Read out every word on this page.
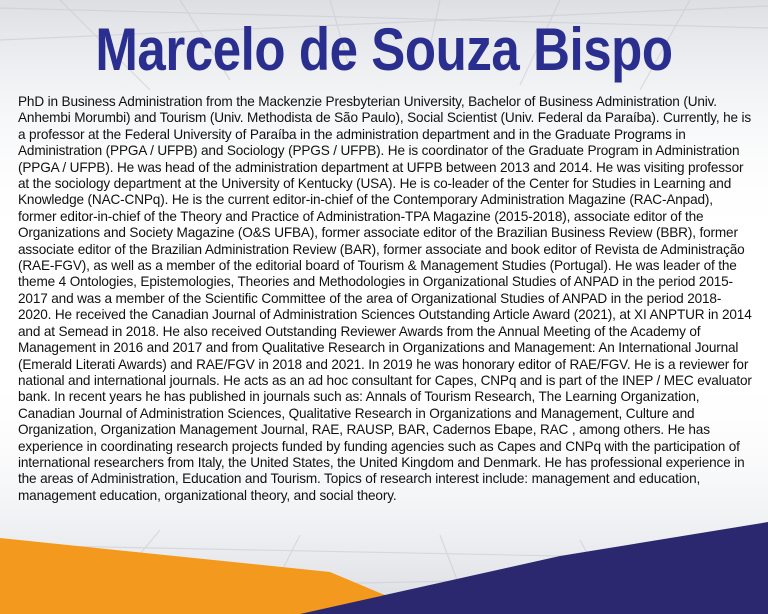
Marcelo de Souza Bispo

PhD in Business Administration from the Mackenzie Presbyterian University, Bachelor of Business Administration (Univ. Anhembi Morumbi) and Tourism (Univ. Methodista de São Paulo), Social Scientist (Univ. Federal da Paraíba). Currently, he is a professor at the Federal University of Paraíba in the administration department and in the Graduate Programs in Administration (PPGA / UFPB) and Sociology (PPGS / UFPB). He is coordinator of the Graduate Program in Administration (PPGA / UFPB). He was head of the administration department at UFPB between 2013 and 2014. He was visiting professor at the sociology department at the University of Kentucky (USA). He is co-leader of the Center for Studies in Learning and Knowledge (NAC-CNPq). He is the current editor-in-chief of the Contemporary Administration Magazine (RAC-Anpad), former editor-in-chief of the Theory and Practice of Administration-TPA Magazine (2015-2018), associate editor of the Organizations and Society Magazine (O&S UFBA), former associate editor of the Brazilian Business Review (BBR), former associate editor of the Brazilian Administration Review (BAR), former associate and book editor of Revista de Administração (RAE-FGV), as well as a member of the editorial board of Tourism & Management Studies (Portugal). He was leader of the theme 4 Ontologies, Epistemologies, Theories and Methodologies in Organizational Studies of ANPAD in the period 2015-2017 and was a member of the Scientific Committee of the area of Organizational Studies of ANPAD in the period 2018-2020. He received the Canadian Journal of Administration Sciences Outstanding Article Award (2021), at XI ANPTUR in 2014 and at Semead in 2018. He also received Outstanding Reviewer Awards from the Annual Meeting of the Academy of Management in 2016 and 2017 and from Qualitative Research in Organizations and Management: An International Journal (Emerald Literati Awards) and RAE/FGV in 2018 and 2021. In 2019 he was honorary editor of RAE/FGV. He is a reviewer for national and international journals. He acts as an ad hoc consultant for Capes, CNPq and is part of the INEP / MEC evaluator bank. In recent years he has published in journals such as: Annals of Tourism Research, The Learning Organization, Canadian Journal of Administration Sciences, Qualitative Research in Organizations and Management, Culture and Organization, Organization Management Journal, RAE, RAUSP, BAR, Cadernos Ebape, RAC , among others. He has experience in coordinating research projects funded by funding agencies such as Capes and CNPq with the participation of international researchers from Italy, the United States, the United Kingdom and Denmark. He has professional experience in the areas of Administration, Education and Tourism. Topics of research interest include: management and education, management education, organizational theory, and social theory.
